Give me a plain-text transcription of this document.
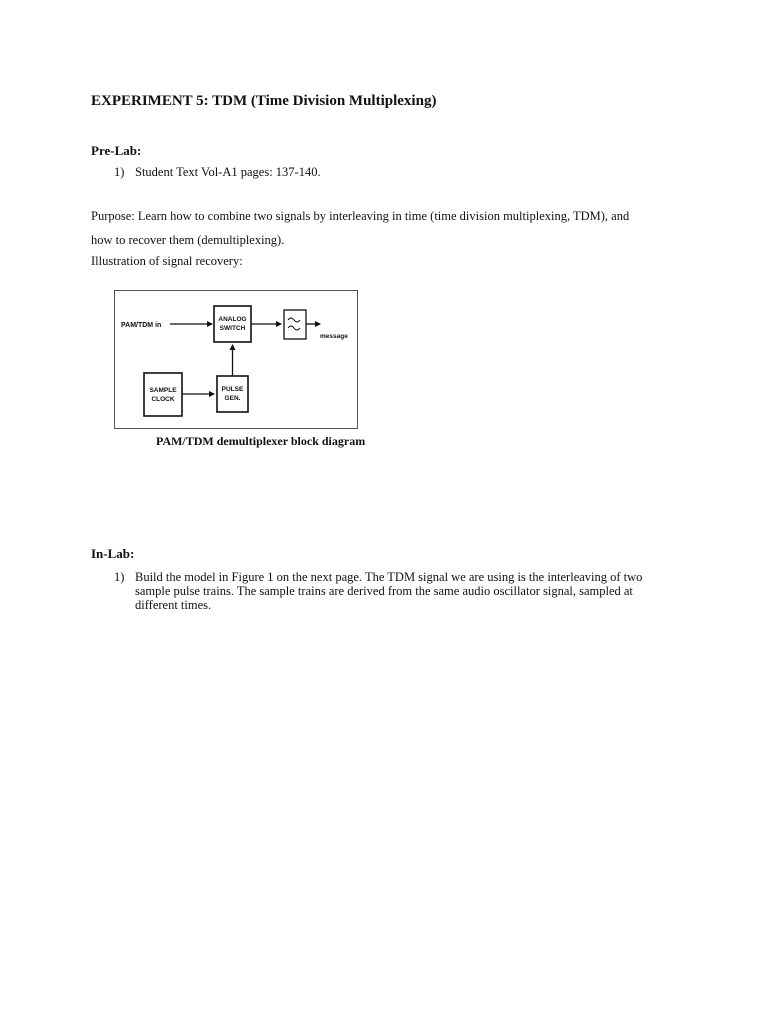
EXPERIMENT 5: TDM (Time Division Multiplexing)
Pre-Lab:
1) Student Text Vol-A1 pages: 137-140.
Purpose: Learn how to combine two signals by interleaving in time (time division multiplexing, TDM), and
how to recover them (demultiplexing).
Illustration of signal recovery:
PAM/TDM in
ANALOG
SWITCH
message
SAMPLE
CLOCK
PULSE
GEN.
PAM/TDM demultiplexer block diagram
In-Lab:
1) Build the model in Figure 1 on the next page. The TDM signal we are using is the interleaving of two
sample pulse trains. The sample trains are derived from the same audio oscillator signal, sampled at
different times.
